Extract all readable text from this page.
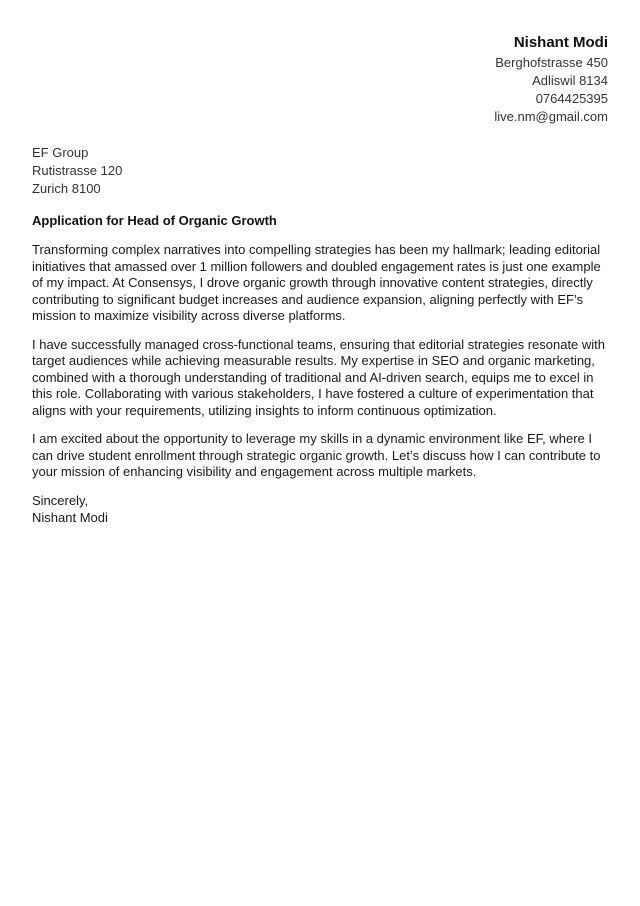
Nishant Modi
Berghofstrasse 450
Adliswil 8134
0764425395
live.nm@gmail.com
EF Group
Rutistrasse 120
Zurich 8100
Application for Head of Organic Growth

Transforming complex narratives into compelling strategies has been my hallmark; leading editorial initiatives that amassed over 1 million followers and doubled engagement rates is just one example of my impact. At Consensys, I drove organic growth through innovative content strategies, directly contributing to significant budget increases and audience expansion, aligning perfectly with EF’s mission to maximize visibility across diverse platforms.

I have successfully managed cross-functional teams, ensuring that editorial strategies resonate with target audiences while achieving measurable results. My expertise in SEO and organic marketing, combined with a thorough understanding of traditional and AI-driven search, equips me to excel in this role. Collaborating with various stakeholders, I have fostered a culture of experimentation that aligns with your requirements, utilizing insights to inform continuous optimization.

I am excited about the opportunity to leverage my skills in a dynamic environment like EF, where I can drive student enrollment through strategic organic growth. Let’s discuss how I can contribute to your mission of enhancing visibility and engagement across multiple markets.

Sincerely,
Nishant Modi
